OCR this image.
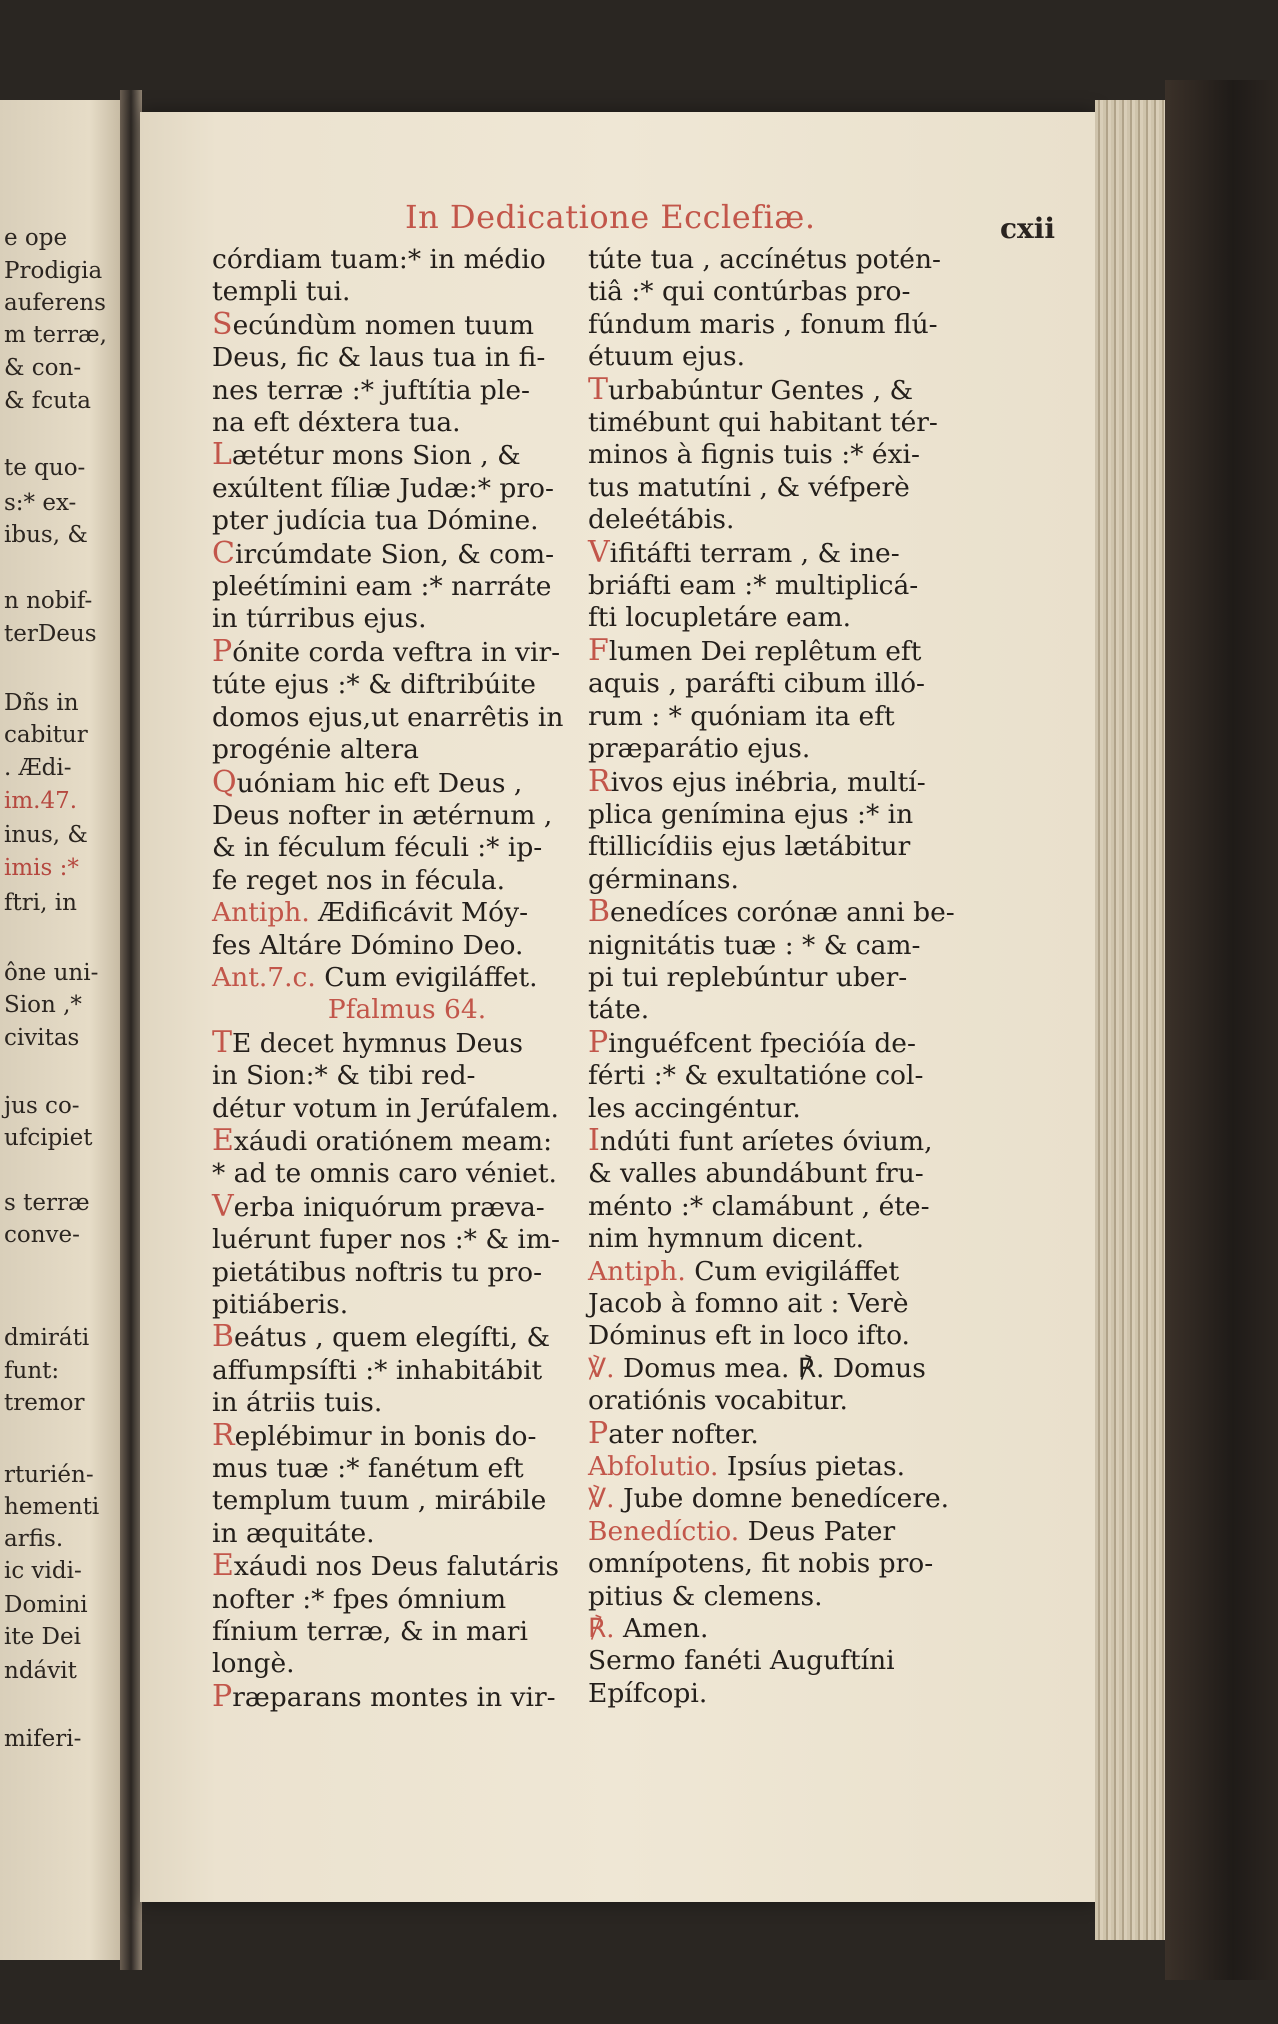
e ope
Prodigia
auferens
m terræ,
& con-
& fcuta
te quo-
s:* ex-
ibus, &
n nobif-
terDeus
Dñs in
cabitur
. Ædi-
im.47.
inus, &
imis :*
ftri, in
ône uni-
Sion ,*
civitas
jus co-
ufcipiet
s terræ
conve-
dmiráti
funt:
tremor
rturién-
hementi
arfis.
ic vidi-
Domini
ite Dei
ndávit
miferi-
In Dedicatione Ecclefiæ.	cxii
córdiam tuam:* in médio
templi tui.
Secúndùm nomen tuum
Deus, fic & laus tua in fi-
nes terræ :* juftítia ple-
na eft déxtera tua.
Lætétur mons Sion , &
exúltent fíliæ Judæ:* pro-
pter judícia tua Dómine.
Circúmdate Sion, & com-
pleétímini eam :* narráte
in túrribus ejus.
Pónite corda veftra in vir-
túte ejus :* & diftribúite
domos ejus,ut enarrêtis in
progénie altera
Quóniam hic eft Deus ,
Deus nofter in ætérnum ,
& in féculum féculi :* ip-
fe reget nos in fécula.
Antiph. Ædificávit Móy-
fes Altáre Dómino Deo.
Ant.7.c. Cum evigiláffet.
Pfalmus 64.
TE decet hymnus Deus
in Sion:* & tibi red-
détur votum in Jerúfalem.
Exáudi oratiónem meam:
* ad te omnis caro véniet.
Verba iniquórum præva-
luérunt fuper nos :* & im-
pietátibus noftris tu pro-
pitiáberis.
Beátus , quem elegífti, &
affumpsífti :* inhabitábit
in átriis tuis.
Replébimur in bonis do-
mus tuæ :* fanétum eft
templum tuum , mirábile
in æquitáte.
Exáudi nos Deus falutáris
nofter :* fpes ómnium
fínium terræ, & in mari
longè.
Præparans montes in vir-
túte tua , accínétus potén-
tiâ :* qui contúrbas pro-
fúndum maris , fonum flú-
étuum ejus.
Turbabúntur Gentes , &
timébunt qui habitant tér-
minos à fignis tuis :* éxi-
tus matutíni , & véfperè
deleétábis.
Vifitáfti terram , & ine-
briáfti eam :* multiplicá-
fti locupletáre eam.
Flumen Dei replêtum eft
aquis , paráfti cibum illó-
rum : * quóniam ita eft
præparátio ejus.
Rivos ejus inébria, multí-
plica genímina ejus :* in
ftillicídiis ejus lætábitur
gérminans.
Benedíces corónæ anni be-
nignitátis tuæ : * & cam-
pi tui replebúntur uber-
táte.
Pinguéfcent fpecióía de-
férti :* & exultatióne col-
les accingéntur.
Indúti funt aríetes óvium,
& valles abundábunt fru-
ménto :* clamábunt , éte-
nim hymnum dicent.
Antiph. Cum evigiláffet
Jacob à fomno ait : Verè
Dóminus eft in loco ifto.
℣. Domus mea. ℟. Domus
oratiónis vocabitur.
Pater nofter.
Abfolutio. Ipsíus pietas.
℣. Jube domne benedícere.
Benedíctio. Deus Pater
omnípotens, fit nobis pro-
pitius & clemens.
℟. Amen.
Sermo fanéti Auguftíni
Epífcopi.
